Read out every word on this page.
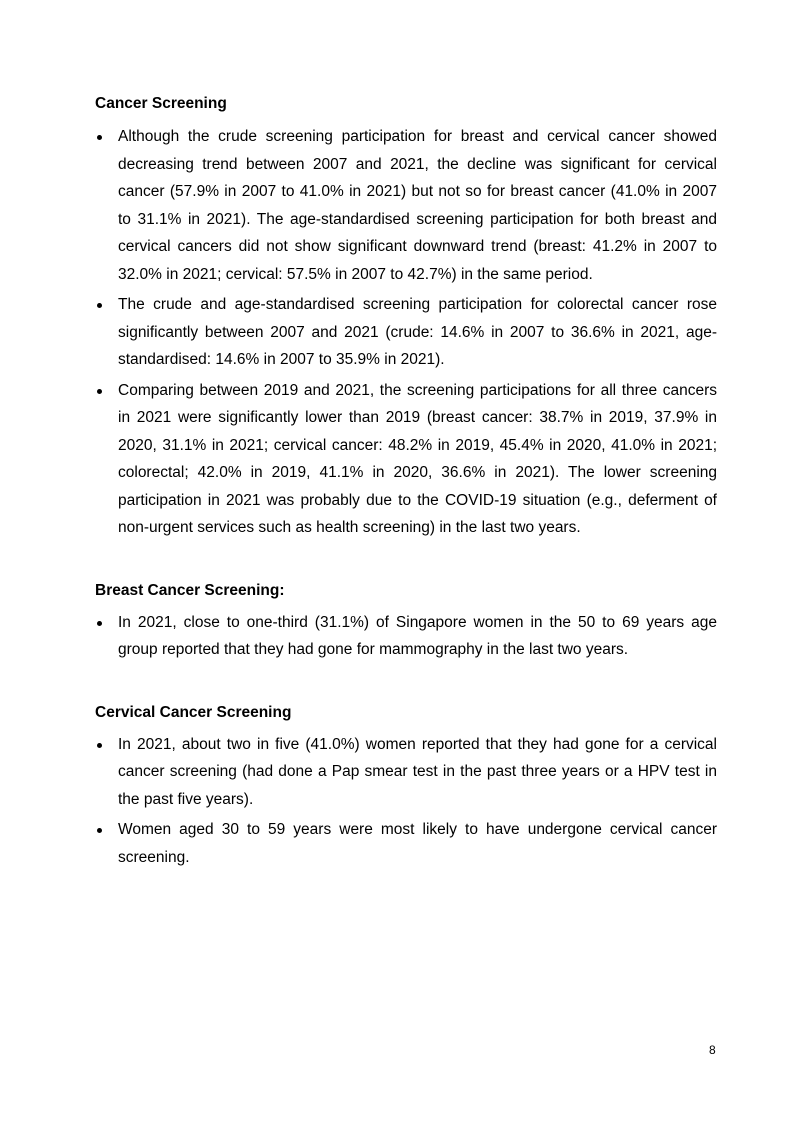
Cancer Screening
Although the crude screening participation for breast and cervical cancer showed decreasing trend between 2007 and 2021, the decline was significant for cervical cancer (57.9% in 2007 to 41.0% in 2021) but not so for breast cancer (41.0% in 2007 to 31.1% in 2021). The age-standardised screening participation for both breast and cervical cancers did not show significant downward trend (breast: 41.2% in 2007 to 32.0% in 2021; cervical: 57.5% in 2007 to 42.7%) in the same period.
The crude and age-standardised screening participation for colorectal cancer rose significantly between 2007 and 2021 (crude: 14.6% in 2007 to 36.6% in 2021, age-standardised: 14.6% in 2007 to 35.9% in 2021).
Comparing between 2019 and 2021, the screening participations for all three cancers in 2021 were significantly lower than 2019 (breast cancer: 38.7% in 2019, 37.9% in 2020, 31.1% in 2021; cervical cancer: 48.2% in 2019, 45.4% in 2020, 41.0% in 2021; colorectal; 42.0% in 2019, 41.1% in 2020, 36.6% in 2021). The lower screening participation in 2021 was probably due to the COVID-19 situation (e.g., deferment of non-urgent services such as health screening) in the last two years.
Breast Cancer Screening:
In 2021, close to one-third (31.1%) of Singapore women in the 50 to 69 years age group reported that they had gone for mammography in the last two years.
Cervical Cancer Screening
In 2021, about two in five (41.0%) women reported that they had gone for a cervical cancer screening (had done a Pap smear test in the past three years or a HPV test in the past five years).
Women aged 30 to 59 years were most likely to have undergone cervical cancer screening.
8
